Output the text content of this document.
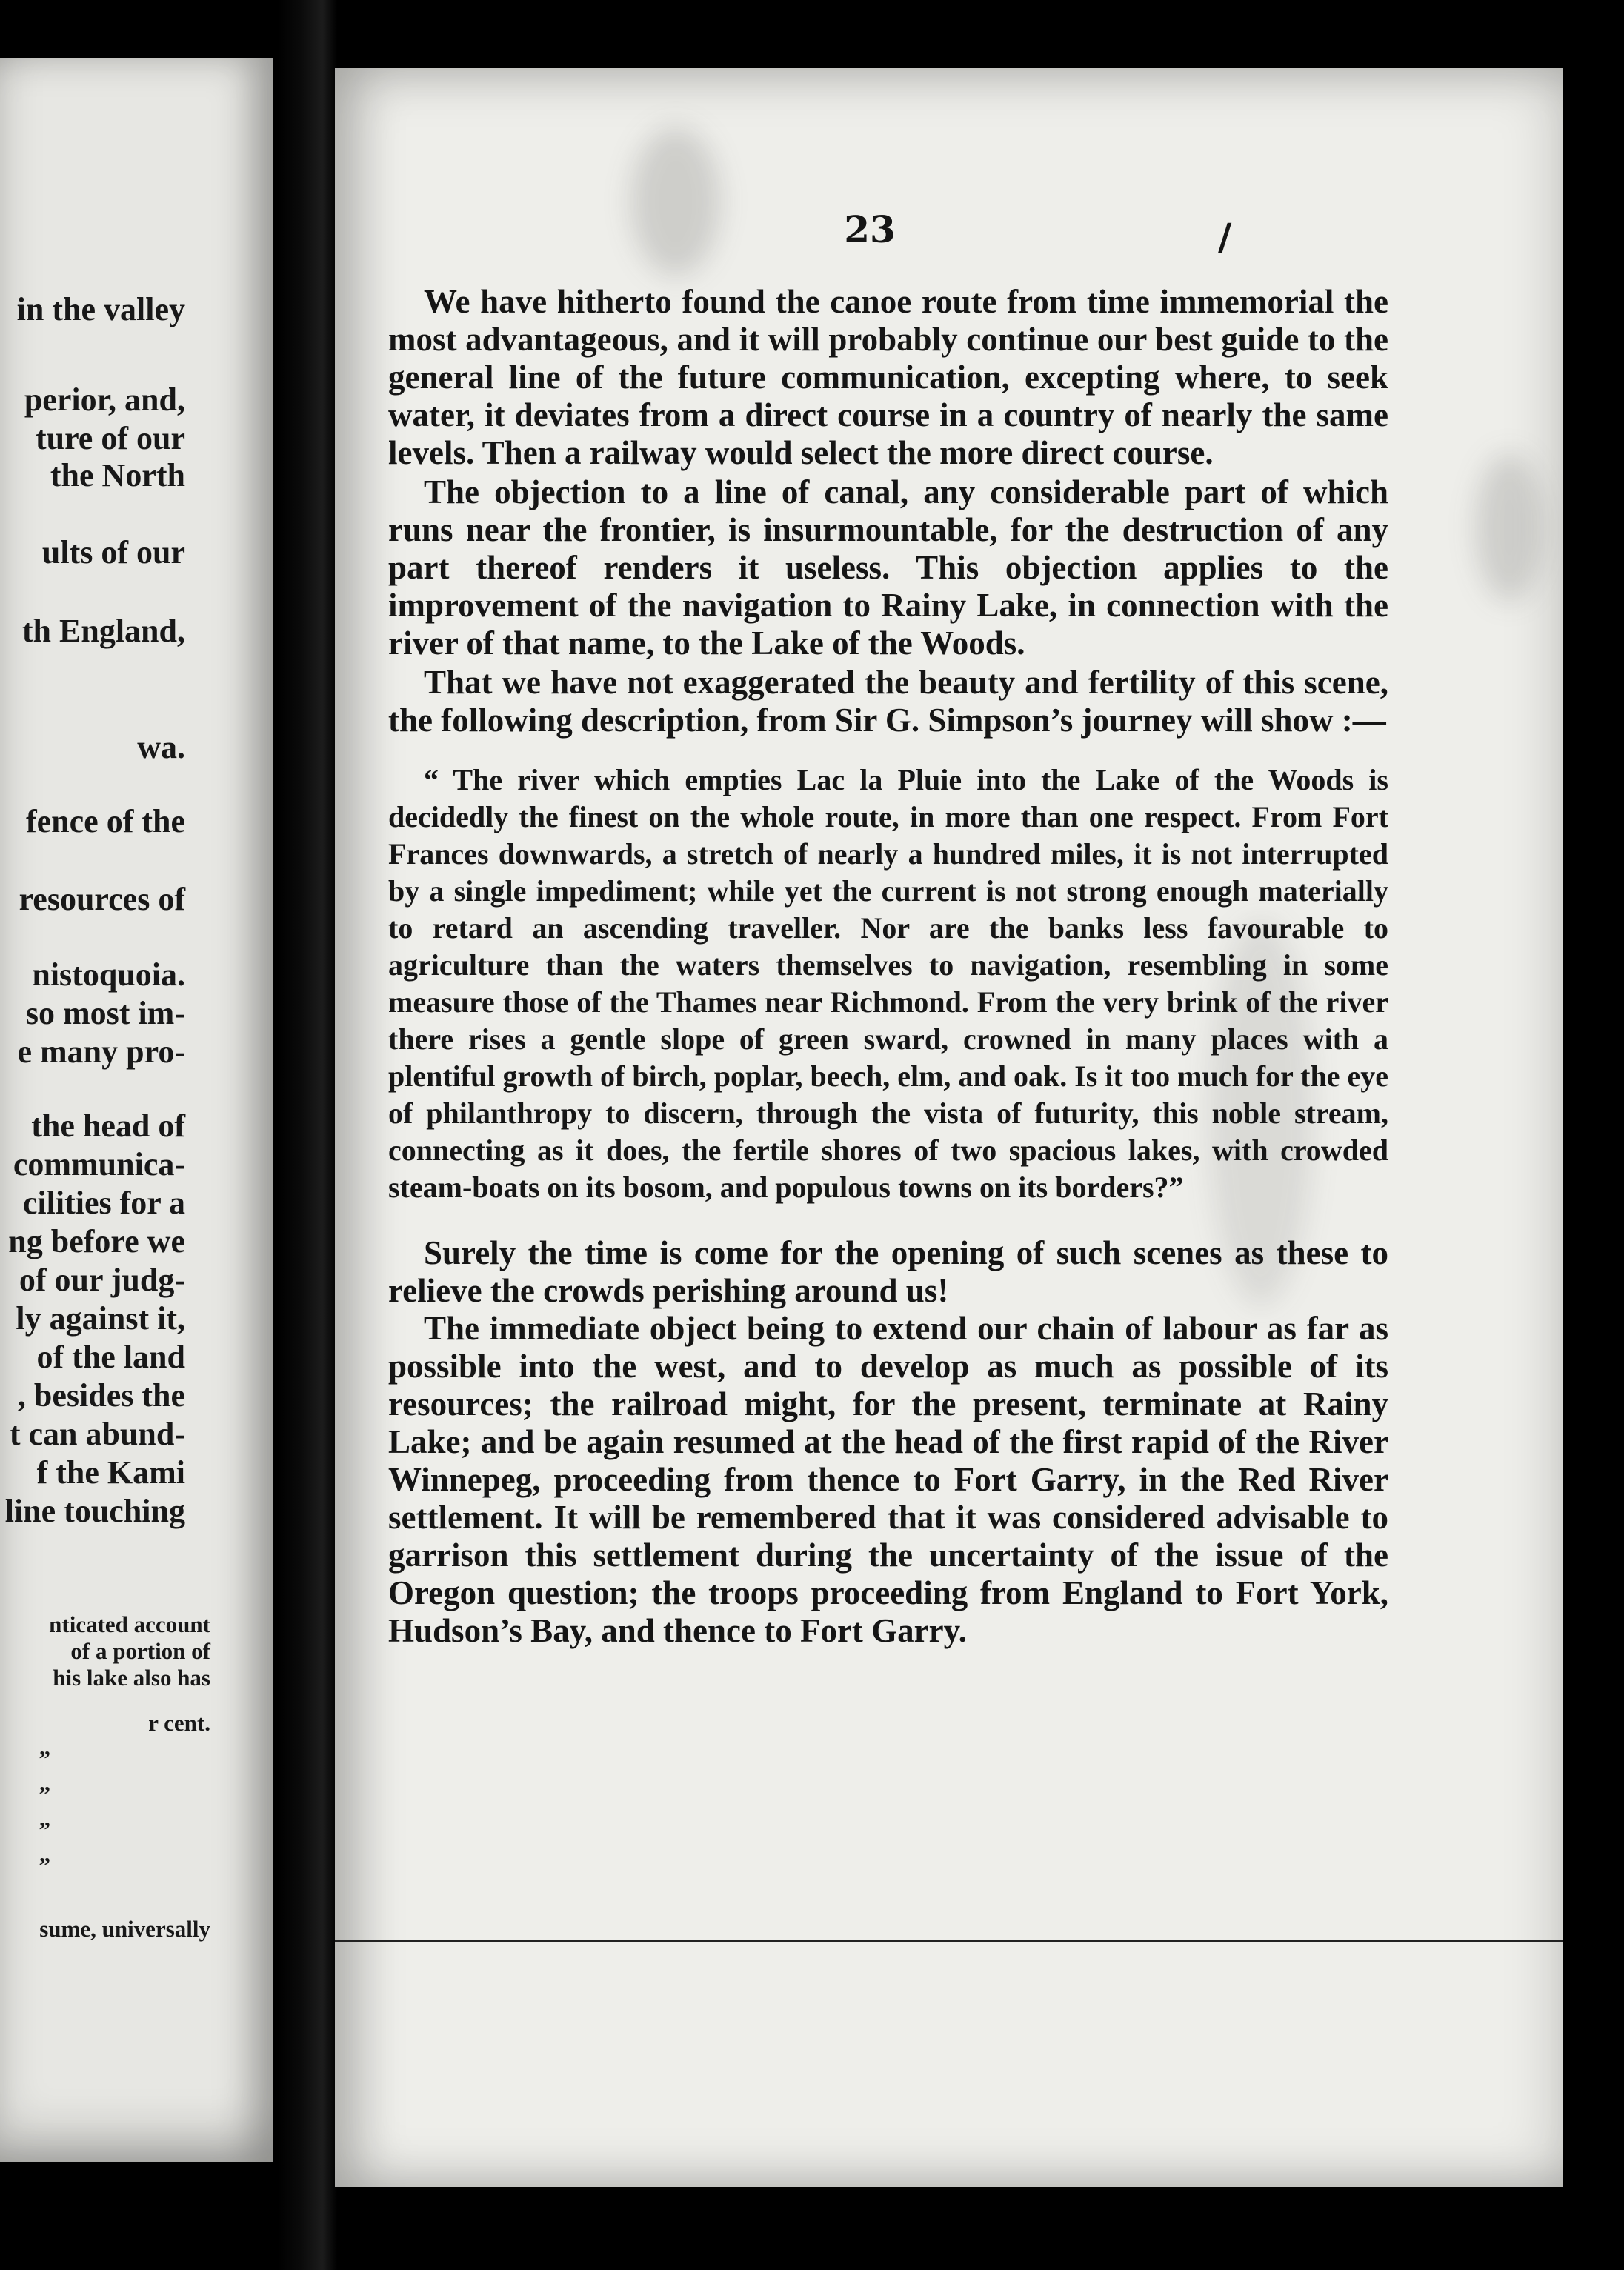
in the valley
perior, and,
ture of our
the North
ults of our
th England,
wa.
fence of the
resources of
nistoquoia.
so most im-
e many pro-
the head of
communica-
cilities for a
ng before we
of our judg-
ly against it,
of the land
, besides the
t can abund-
f the Kami
line touching
nticated account
of a portion of
his lake also has
r cent.
”
”
”
”
sume, universally
23	/

We have hitherto found the canoe route from time immemorial the most advantageous, and it will probably continue our best guide to the general line of the future communication, excepting where, to seek water, it deviates from a direct course in a country of nearly the same levels. Then a railway would select the more direct course.

The objection to a line of canal, any considerable part of which runs near the frontier, is insurmountable, for the destruction of any part thereof renders it useless. This objection applies to the improvement of the navigation to Rainy Lake, in connection with the river of that name, to the Lake of the Woods.

That we have not exaggerated the beauty and fertility of this scene, the following description, from Sir G. Simpson’s journey will show :—

“ The river which empties Lac la Pluie into the Lake of the Woods is decidedly the finest on the whole route, in more than one respect. From Fort Frances downwards, a stretch of nearly a hundred miles, it is not interrupted by a single impediment; while yet the current is not strong enough materially to retard an ascending traveller. Nor are the banks less favourable to agriculture than the waters themselves to navigation, resembling in some measure those of the Thames near Richmond. From the very brink of the river there rises a gentle slope of green sward, crowned in many places with a plentiful growth of birch, poplar, beech, elm, and oak. Is it too much for the eye of philanthropy to discern, through the vista of futurity, this noble stream, connecting as it does, the fertile shores of two spacious lakes, with crowded steam-boats on its bosom, and populous towns on its borders?”

Surely the time is come for the opening of such scenes as these to relieve the crowds perishing around us!

The immediate object being to extend our chain of labour as far as possible into the west, and to develop as much as possible of its resources; the railroad might, for the present, terminate at Rainy Lake; and be again resumed at the head of the first rapid of the River Winnepeg, proceeding from thence to Fort Garry, in the Red River settlement. It will be remembered that it was considered advisable to garrison this settlement during the uncertainty of the issue of the Oregon question; the troops proceeding from England to Fort York, Hudson’s Bay, and thence to Fort Garry.
